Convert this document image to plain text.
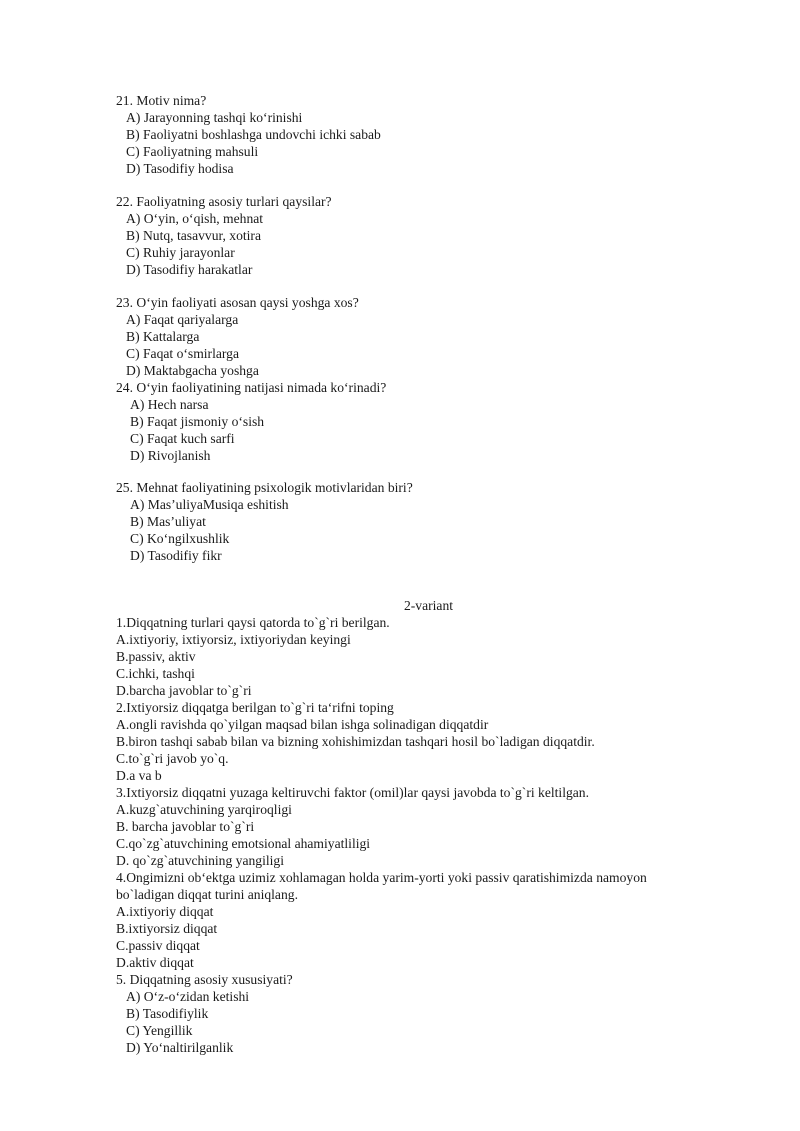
21. Motiv nima?
A) Jarayonning tashqi ko‘rinishi
B) Faoliyatni boshlashga undovchi ichki sabab
C) Faoliyatning mahsuli
D) Tasodifiy hodisa
22. Faoliyatning asosiy turlari qaysilar?
A) O‘yin, o‘qish, mehnat
B) Nutq, tasavvur, xotira
C) Ruhiy jarayonlar
D) Tasodifiy harakatlar
23. O‘yin faoliyati asosan qaysi yoshga xos?
A) Faqat qariyalarga
B) Kattalarga
C) Faqat o‘smirlarga
D) Maktabgacha yoshga
24. O‘yin faoliyatining natijasi nimada ko‘rinadi?
A) Hech narsa
B) Faqat jismoniy o‘sish
C) Faqat kuch sarfi
D) Rivojlanish
25. Mehnat faoliyatining psixologik motivlaridan biri?
A) Mas’uliyaMusiqa eshitish
B) Mas’uliyat
C) Ko‘ngilxushlik
D) Tasodifiy fikr
2-variant
1.Diqqatning turlari qaysi qatorda to`g`ri berilgan.
A.ixtiyoriy, ixtiyorsiz, ixtiyoriydan keyingi
B.passiv, aktiv
C.ichki, tashqi
D.barcha javoblar to`g`ri
2.Ixtiyorsiz diqqatga berilgan to`g`ri ta‘rifni toping
A.ongli ravishda qo`yilgan maqsad bilan ishga solinadigan diqqatdir
B.biron tashqi sabab bilan va bizning xohishimizdan tashqari hosil bo`ladigan diqqatdir.
C.to`g`ri javob yo`q.
D.a va b
3.Ixtiyorsiz diqqatni yuzaga keltiruvchi faktor (omil)lar qaysi javobda to`g`ri keltilgan.
A.kuzg`atuvchining yarqiroqligi
B. barcha javoblar to`g`ri
C.qo`zg`atuvchining emotsional ahamiyatliligi
D. qo`zg`atuvchining yangiligi
4.Ongimizni ob‘ektga uzimiz xohlamagan holda yarim-yorti yoki passiv qaratishimizda namoyon
bo`ladigan diqqat turini aniqlang.
A.ixtiyoriy diqqat
B.ixtiyorsiz diqqat
C.passiv diqqat
D.aktiv diqqat
5. Diqqatning asosiy xususiyati?
A) O‘z-o‘zidan ketishi
B) Tasodifiylik
C) Yengillik
D) Yo‘naltirilganlik
